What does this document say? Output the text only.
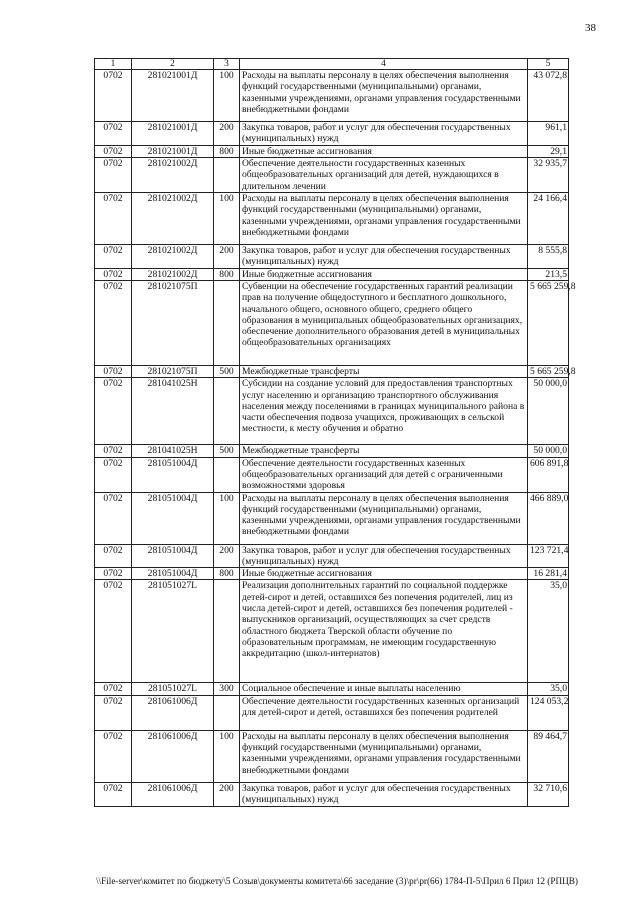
38
1	2	3	4	5
0702	281021001Д	100	Расходы на выплаты персоналу в целях обеспечения выполнения функций государственными (муниципальными) органами, казенными учреждениями, органами управления государственными внебюджетными фондами	43 072,8
0702	281021001Д	200	Закупка товаров, работ и услуг для обеспечения государственных (муниципальных) нужд	961,1
0702	281021001Д	800	Иные бюджетные ассигнования	29,1
0702	281021002Д		Обеспечение деятельности государственных казенных общеобразовательных организаций для детей, нуждающихся в длительном лечении	32 935,7
0702	281021002Д	100	Расходы на выплаты персоналу в целях обеспечения выполнения функций государственными (муниципальными) органами, казенными учреждениями, органами управления государственными внебюджетными фондами	24 166,4
0702	281021002Д	200	Закупка товаров, работ и услуг для обеспечения государственных (муниципальных) нужд	8 555,8
0702	281021002Д	800	Иные бюджетные ассигнования	213,5
0702	281021075П		Субвенции на обеспечение государственных гарантий реализации прав на получение общедоступного и бесплатного дошкольного, начального общего, основного общего, среднего общего образования в муниципальных общеобразовательных организациях, обеспечение дополнительного образования детей в муниципальных общеобразовательных организациях	5 665 259,8
0702	281021075П	500	Межбюджетные трансферты	5 665 259,8
0702	281041025Н		Субсидии на создание условий для предоставления транспортных услуг населению и организацию транспортного обслуживания населения между поселениями в границах муниципального района в части обеспечения подвоза учащихся, проживающих в сельской местности, к месту обучения и обратно	50 000,0
0702	281041025Н	500	Межбюджетные трансферты	50 000,0
0702	281051004Д		Обеспечение деятельности государственных казенных общеобразовательных организаций для детей с ограниченными возможностями здоровья	606 891,8
0702	281051004Д	100	Расходы на выплаты персоналу в целях обеспечения выполнения функций государственными (муниципальными) органами, казенными учреждениями, органами управления государственными внебюджетными фондами	466 889,0
0702	281051004Д	200	Закупка товаров, работ и услуг для обеспечения государственных (муниципальных) нужд	123 721,4
0702	281051004Д	800	Иные бюджетные ассигнования	16 281,4
0702	281051027L		Реализация дополнительных гарантий по социальной поддержке детей-сирот и детей, оставшихся без попечения родителей, лиц из числа детей-сирот и детей, оставшихся без попечения родителей - выпускников организаций, осуществляющих за счет средств областного бюджета Тверской области обучение по образовательным программам, не имеющим государственную аккредитацию (школ-интернатов)	35,0
0702	281051027L	300	Социальное обеспечение и иные выплаты населению	35,0
0702	281061006Д		Обеспечение деятельности государственных казенных организаций для детей-сирот и детей, оставшихся без попечения родителей	124 053,2
0702	281061006Д	100	Расходы на выплаты персоналу в целях обеспечения выполнения функций государственными (муниципальными) органами, казенными учреждениями, органами управления государственными внебюджетными фондами	89 464,7
0702	281061006Д	200	Закупка товаров, работ и услуг для обеспечения государственных (муниципальных) нужд	32 710,6
\\File-server\комитет по бюджету\5 Созыв\документы комитета\66 заседание (3)\pr\pr(66) 1784-П-5\Прил 6 Прил 12 (РПЦВ)
